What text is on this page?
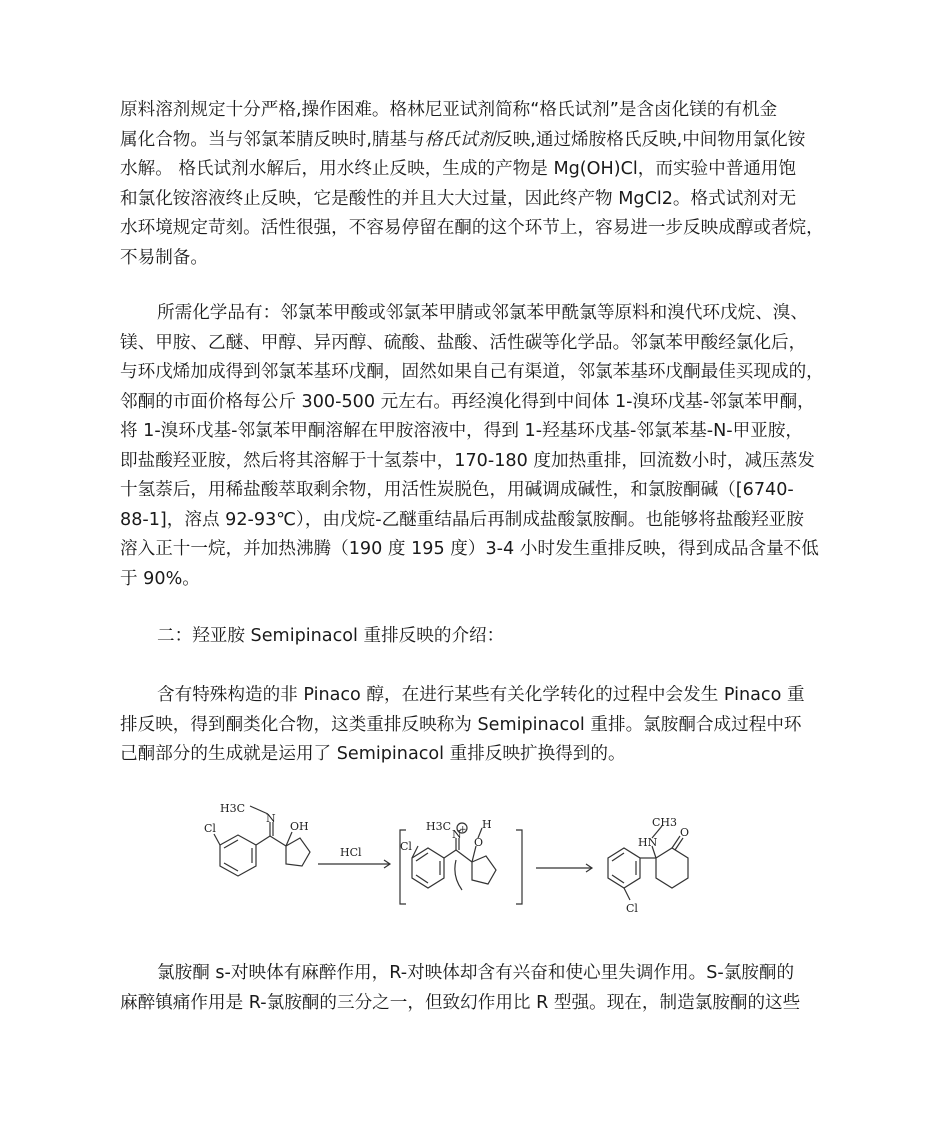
原料溶剂规定十分严格,操作困难。格林尼亚试剂简称“格氏试剂”是含卤化镁的有机金
属化合物。当与邻氯苯腈反映时,腈基与格氏试剂反映,通过烯胺格氏反映,中间物用氯化铵
水解。 格氏试剂水解后，用水终止反映，生成的产物是 Mg(OH)Cl，而实验中普通用饱
和氯化铵溶液终止反映，它是酸性的并且大大过量，因此终产物 MgCl2。格式试剂对无
水环境规定苛刻。活性很强，不容易停留在酮的这个环节上，容易进一步反映成醇或者烷，
不易制备。
所需化学品有：邻氯苯甲酸或邻氯苯甲腈或邻氯苯甲酰氯等原料和溴代环戊烷、溴、
镁、甲胺、乙醚、甲醇、异丙醇、硫酸、盐酸、活性碳等化学品。邻氯苯甲酸经氯化后，
与环戊烯加成得到邻氯苯基环戊酮，固然如果自己有渠道，邻氯苯基环戊酮最佳买现成的，
邻酮的市面价格每公斤 300-500 元左右。再经溴化得到中间体 1-溴环戊基-邻氯苯甲酮，
将 1-溴环戊基-邻氯苯甲酮溶解在甲胺溶液中，得到 1-羟基环戊基-邻氯苯基-N-甲亚胺，
即盐酸羟亚胺，然后将其溶解于十氢萘中，170-180 度加热重排，回流数小时，减压蒸发
十氢萘后，用稀盐酸萃取剩余物，用活性炭脱色，用碱调成碱性，和氯胺酮碱（[6740-
88-1]，溶点 92-93℃），由戊烷-乙醚重结晶后再制成盐酸氯胺酮。也能够将盐酸羟亚胺
溶入正十一烷，并加热沸腾（190 度 195 度）3-4 小时发生重排反映，得到成品含量不低
于 90%。
二：羟亚胺 Semipinacol 重排反映的介绍：
含有特殊构造的非 Pinaco 醇，在进行某些有关化学转化的过程中会发生 Pinaco 重
排反映，得到酮类化合物，这类重排反映称为 Semipinacol 重排。氯胺酮合成过程中环
己酮部分的生成就是运用了 Semipinacol 重排反映扩换得到的。
H3C
N
Cl	OH
HCl
H3C
N
+
Cl
H
O
CH3
HN
O
Cl
氯胺酮 s-对映体有麻醉作用，R-对映体却含有兴奋和使心里失调作用。S-氯胺酮的
麻醉镇痛作用是 R-氯胺酮的三分之一，但致幻作用比 R 型强。现在，制造氯胺酮的这些
